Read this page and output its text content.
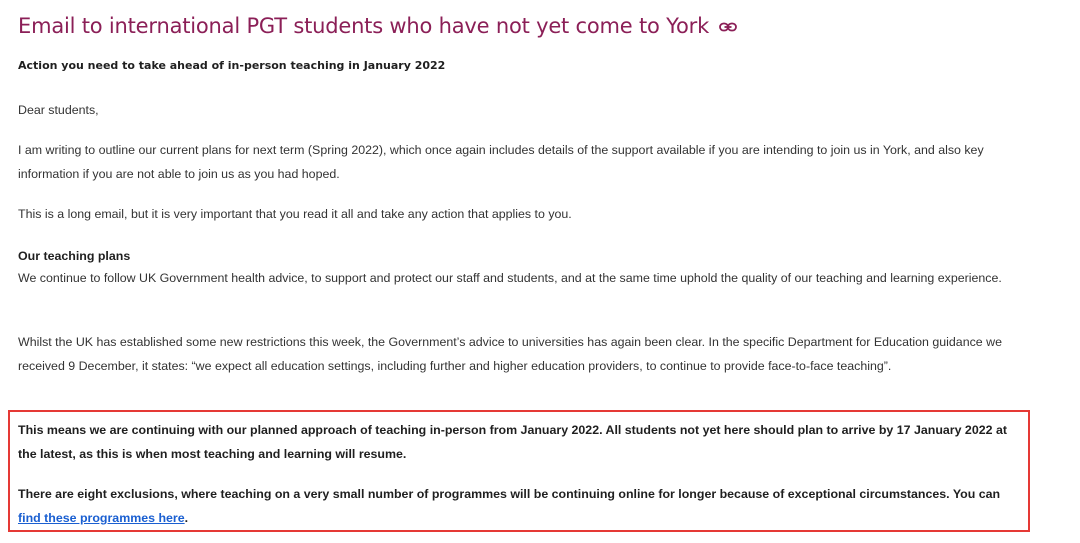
Email to international PGT students who have not yet come to York
Action you need to take ahead of in-person teaching in January 2022

Dear students,

I am writing to outline our current plans for next term (Spring 2022), which once again includes details of the support available if you are intending to join us in York, and also key information if you are not able to join us as you had hoped.

This is a long email, but it is very important that you read it all and take any action that applies to you.

Our teaching plans

We continue to follow UK Government health advice, to support and protect our staff and students, and at the same time uphold the quality of our teaching and learning experience.

Whilst the UK has established some new restrictions this week, the Government’s advice to universities has again been clear. In the specific Department for Education guidance we received 9 December, it states: “we expect all education settings, including further and higher education providers, to continue to provide face-to-face teaching”.

This means we are continuing with our planned approach of teaching in-person from January 2022. All students not yet here should plan to arrive by 17 January 2022 at the latest, as this is when most teaching and learning will resume.

There are eight exclusions, where teaching on a very small number of programmes will be continuing online for longer because of exceptional circumstances. You can find these programmes here.
